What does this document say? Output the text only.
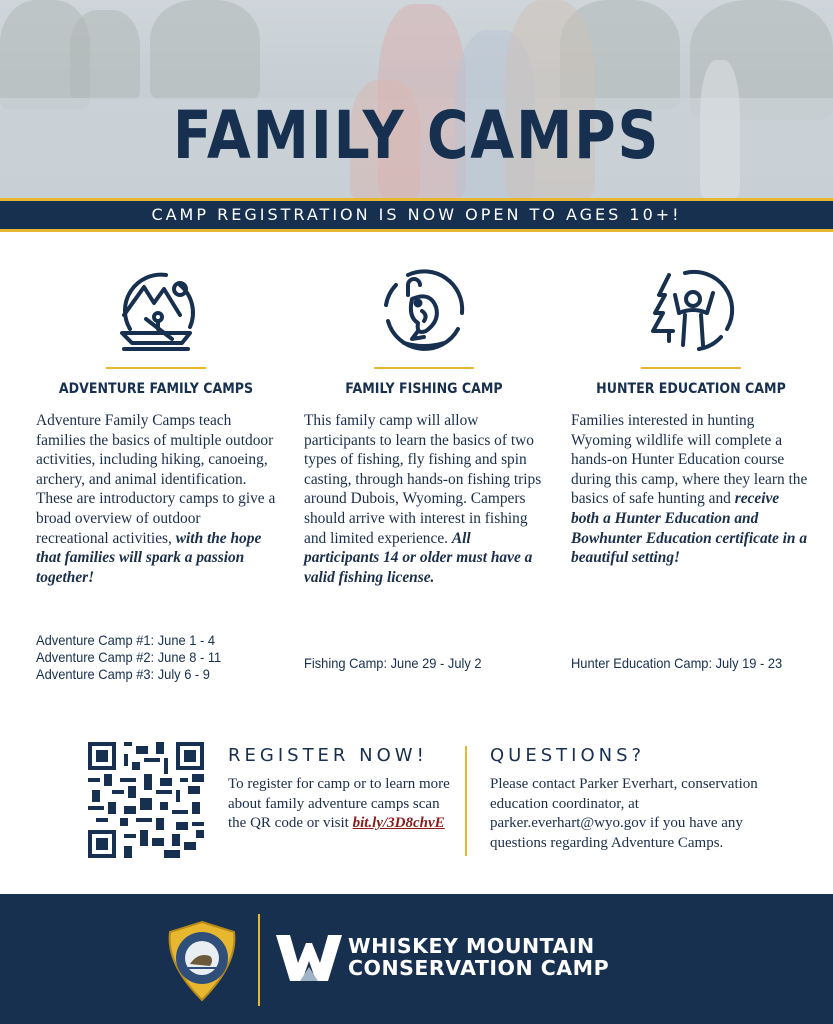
FAMILY CAMPS
CAMP REGISTRATION IS NOW OPEN TO AGES 10+!
ADVENTURE FAMILY CAMPS

Adventure Family Camps teach families the basics of multiple outdoor activities, including hiking, canoeing, archery, and animal identification. These are introductory camps to give a broad overview of outdoor recreational activities, with the hope that families will spark a passion together!

Adventure Camp #1: June 1 - 4
Adventure Camp #2: June 8 - 11
Adventure Camp #3: July 6 - 9
FAMILY FISHING CAMP

This family camp will allow participants to learn the basics of two types of fishing, fly fishing and spin casting, through hands-on fishing trips around Dubois, Wyoming. Campers should arrive with interest in fishing and limited experience. All participants 14 or older must have a valid fishing license.

Fishing Camp: June 29 - July 2
HUNTER EDUCATION CAMP

Families interested in hunting Wyoming wildlife will complete a hands-on Hunter Education course during this camp, where they learn the basics of safe hunting and receive both a Hunter Education and Bowhunter Education certificate in a beautiful setting!

Hunter Education Camp: July 19 - 23
REGISTER NOW!
To register for camp or to learn more about family adventure camps scan the QR code or visit bit.ly/3D8chvE
QUESTIONS?
Please contact Parker Everhart, conservation education coordinator, at parker.everhart@wyo.gov if you have any questions regarding Adventure Camps.
WHISKEY MOUNTAIN
CONSERVATION CAMP
